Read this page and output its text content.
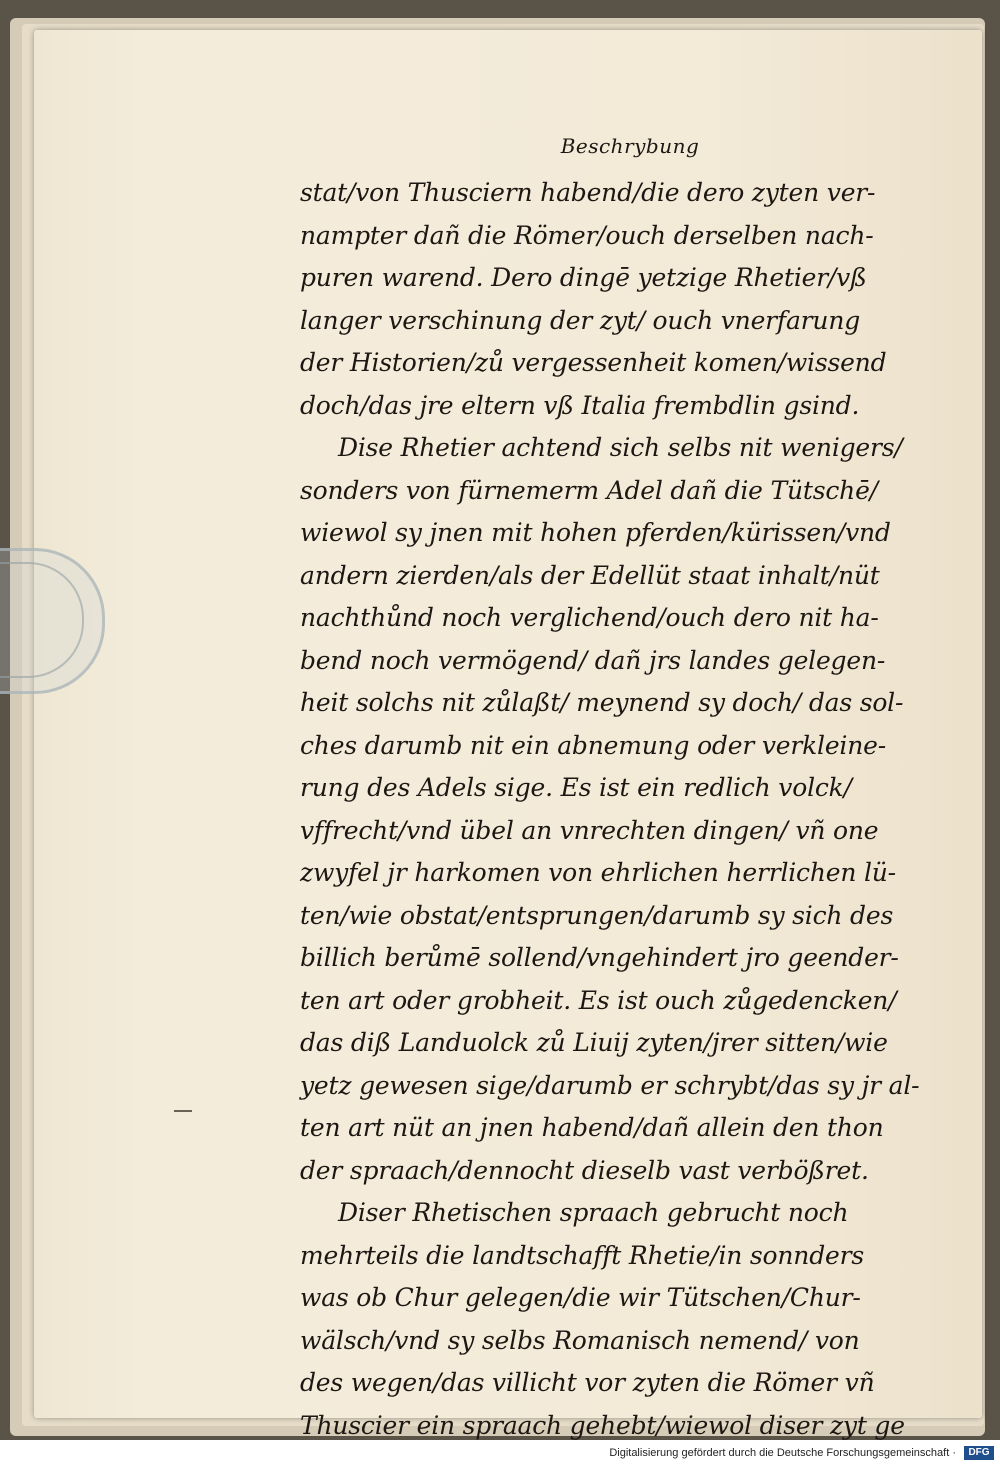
Beschrybung
stat/von Thusciern habend/die dero zyten ver-
nampter dañ die Römer/ouch derselben nach-
puren warend. Dero dingē yetzige Rhetier/vß
langer verschinung der zyt/ ouch vnerfarung
der Historien/zů vergessenheit komen/wissend
doch/das jre eltern vß Italia frembdlin gsind.
Dise Rhetier achtend sich selbs nit wenigers/
sonders von fürnemerm Adel dañ die Tütschē/
wiewol sy jnen mit hohen pferden/kürissen/vnd
andern zierden/als der Edellüt staat inhalt/nüt
nachthůnd noch verglichend/ouch dero nit ha-
bend noch vermögend/ dañ jrs landes gelegen-
heit solchs nit zůlaßt/ meynend sy doch/ das sol-
ches darumb nit ein abnemung oder verkleine-
rung des Adels sige. Es ist ein redlich volck/
vffrecht/vnd übel an vnrechten dingen/ vñ one
zwyfel jr harkomen von ehrlichen herrlichen lü-
ten/wie obstat/entsprungen/darumb sy sich des
billich berůmē sollend/vngehindert jro geender-
ten art oder grobheit. Es ist ouch zůgedencken/
das diß Landuolck zů Liuij zyten/jrer sitten/wie
yetz gewesen sige/darumb er schrybt/das sy jr al-
ten art nüt an jnen habend/dañ allein den thon
der spraach/dennocht dieselb vast verbößret.
Diser Rhetischen spraach gebrucht noch
mehrteils die landtschafft Rhetie/in sonnders
was ob Chur gelegen/die wir Tütschen/Chur-
wälsch/vnd sy selbs Romanisch nemend/ von
des wegen/das villicht vor zyten die Römer vñ
Thuscier ein spraach gehebt/wiewol diser zyt ge
Digitalisierung gefördert durch die Deutsche Forschungsgemeinschaft ·	DFG
